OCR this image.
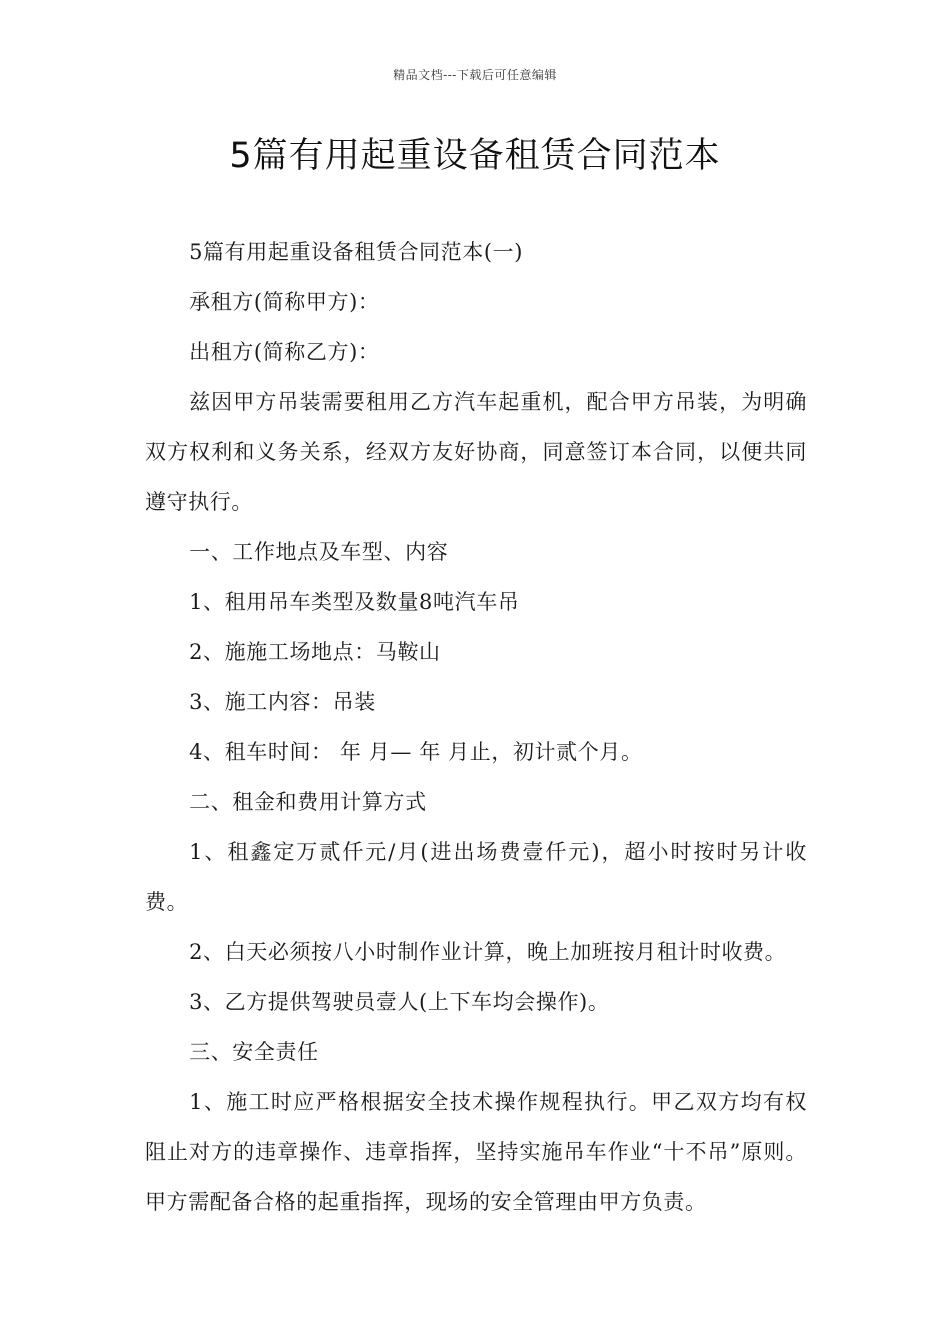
精品文档---下载后可任意编辑
5篇有用起重设备租赁合同范本

5篇有用起重设备租赁合同范本(一)

承租方(简称甲方)：

出租方(简称乙方)：

兹因甲方吊装需要租用乙方汽车起重机，配合甲方吊装，为明确双方权利和义务关系，经双方友好协商，同意签订本合同，以便共同遵守执行。

一、工作地点及车型、内容

1、租用吊车类型及数量8吨汽车吊

2、施施工场地点：马鞍山

3、施工内容：吊装

4、租车时间： 年 月— 年 月止，初计贰个月。

二、租金和费用计算方式

1、租鑫定万贰仟元/月(进出场费壹仟元)，超小时按时另计收费。

2、白天必须按八小时制作业计算，晚上加班按月租计时收费。

3、乙方提供驾驶员壹人(上下车均会操作)。

三、安全责任

1、施工时应严格根据安全技术操作规程执行。甲乙双方均有权阻止对方的违章操作、违章指挥，坚持实施吊车作业“十不吊”原则。甲方需配备合格的起重指挥，现场的安全管理由甲方负责。
